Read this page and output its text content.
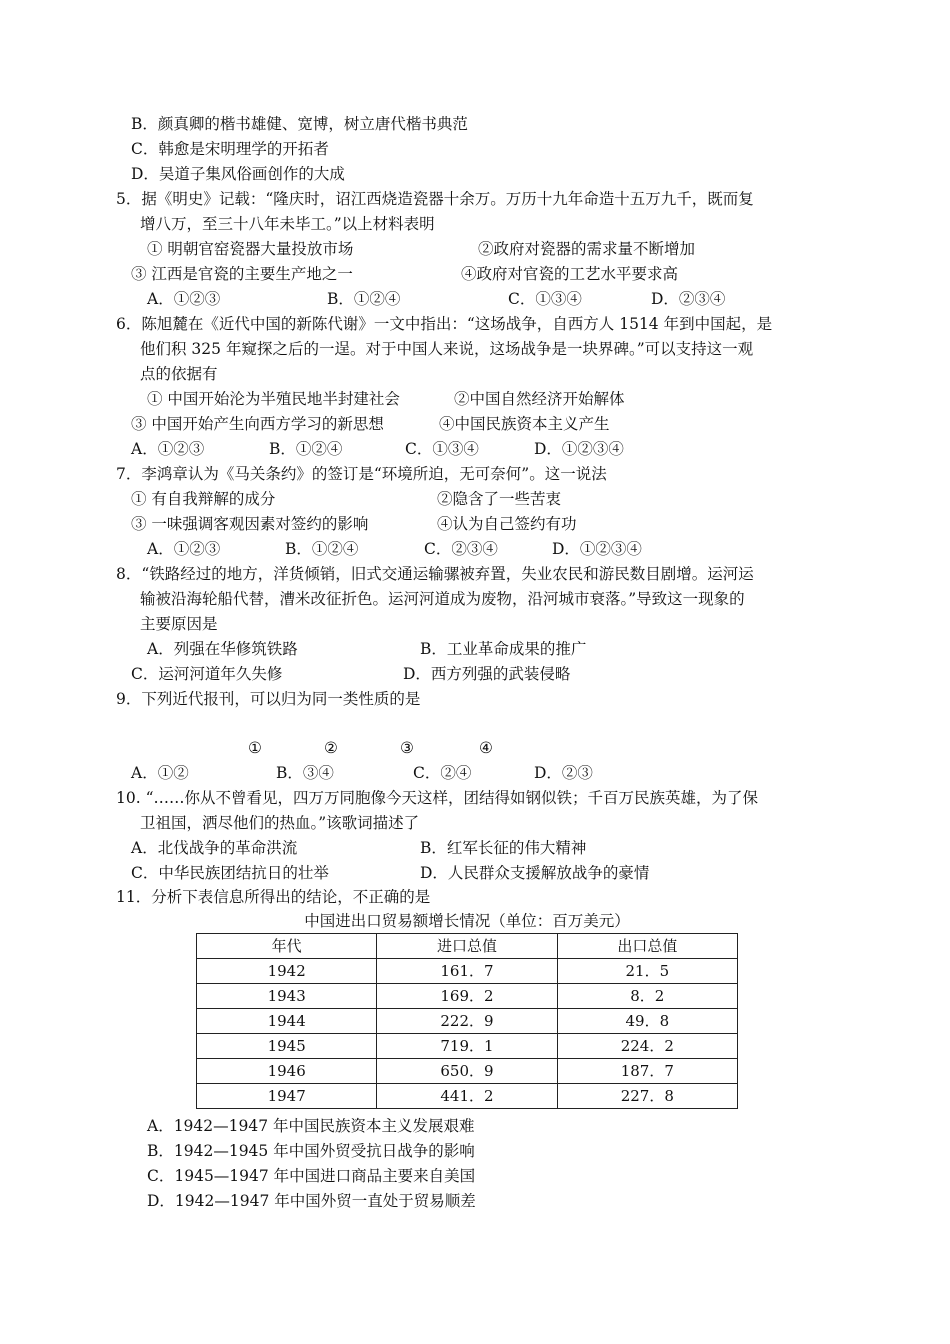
B．颜真卿的楷书雄健、宽博，树立唐代楷书典范
C．韩愈是宋明理学的开拓者
D．吴道子集风俗画创作的大成
5．据《明史》记载：“隆庆时，诏江西烧造瓷器十余万。万历十九年命造十五万九千，既而复
增八万，至三十八年未毕工。”以上材料表明
① 明朝官窑瓷器大量投放市场	②政府对瓷器的需求量不断增加
③ 江西是官瓷的主要生产地之一	④政府对官瓷的工艺水平要求高
A．①②③	B．①②④	C．①③④	D．②③④
6．陈旭麓在《近代中国的新陈代谢》一文中指出：“这场战争，自西方人 1514 年到中国起，是
他们积 325 年窥探之后的一逞。对于中国人来说，这场战争是一块界碑。”可以支持这一观
点的依据有
① 中国开始沦为半殖民地半封建社会	②中国自然经济开始解体
③ 中国开始产生向西方学习的新思想	④中国民族资本主义产生
A．①②③	B．①②④	C．①③④	D．①②③④
7．李鸿章认为《马关条约》的签订是“环境所迫，无可奈何”。这一说法
① 有自我辩解的成分	②隐含了一些苦衷
③ 一味强调客观因素对签约的影响	④认为自己签约有功
A．①②③	B．①②④	C．②③④	D．①②③④
8．“铁路经过的地方，洋货倾销，旧式交通运输骡被弃置，失业农民和游民数目剧增。运河运
输被沿海轮船代替，漕米改征折色。运河河道成为废物，沿河城市衰落。”导致这一现象的
主要原因是
A．列强在华修筑铁路	B．工业革命成果的推广
C．运河河道年久失修	D．西方列强的武装侵略
9．下列近代报刊，可以归为同一类性质的是
①	②	③	④
A．①②	B．③④	C．②④	D．②③
10. “……你从不曾看见，四万万同胞像今天这样，团结得如钢似铁；千百万民族英雄，为了保
卫祖国，洒尽他们的热血。”该歌词描述了
A．北伐战争的革命洪流	B．红军长征的伟大精神
C．中华民族团结抗日的壮举	D．人民群众支援解放战争的豪情
11．分析下表信息所得出的结论，不正确的是
中国进出口贸易额增长情况（单位：百万美元）
年代	进口总值	出口总值
1942	161．7	21．5
1943	169．2	8．2
1944	222．9	49．8
1945	719．1	224．2
1946	650．9	187．7
1947	441．2	227．8
A．1942—1947 年中国民族资本主义发展艰难
B．1942—1945 年中国外贸受抗日战争的影响
C．1945—1947 年中国进口商品主要来自美国
D．1942—1947 年中国外贸一直处于贸易顺差
